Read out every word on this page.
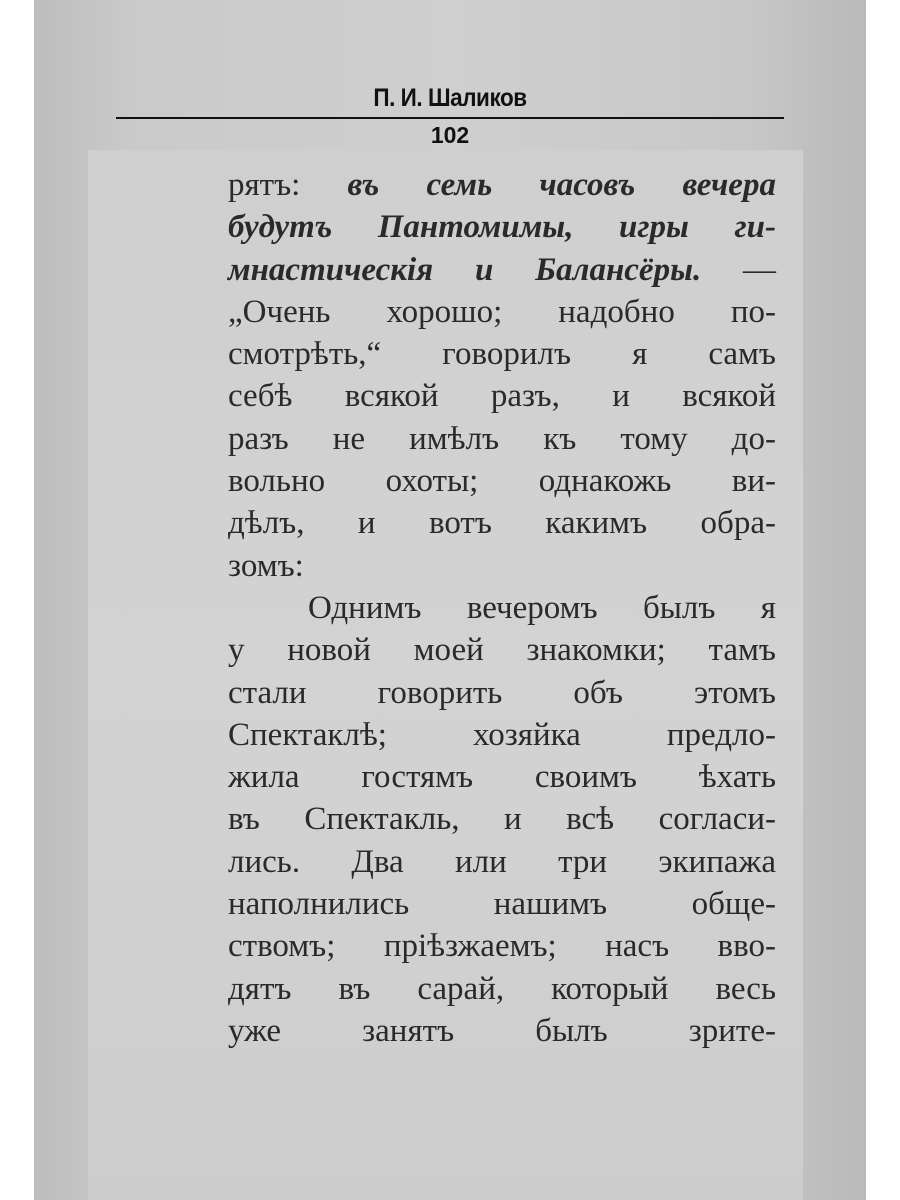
П. И. Шаликов
102
рятъ: въ семь часовъ вечера
будутъ Пантомимы, игры ги-
мнастическія и Балансёры. —
„Очень хорошо; надобно по-
смотрѣть,“ говорилъ я самъ
себѣ всякой разъ, и всякой
разъ не имѣлъ къ тому до-
вольно охоты; однакожь ви-
дѣлъ, и вотъ какимъ обра-
зомъ:
Однимъ вечеромъ былъ я
у новой моей знакомки; тамъ
стали говорить объ этомъ
Спектаклѣ;	хозяйка	предло-
жила гостямъ своимъ ѣхать
въ Спектакль, и всѣ согласи-
лись. Два или три экипажа
наполнились	нашимъ	обще-
ствомъ; пріѣзжаемъ; насъ вво-
дятъ въ сарай, который весь
уже занятъ былъ зрите-
